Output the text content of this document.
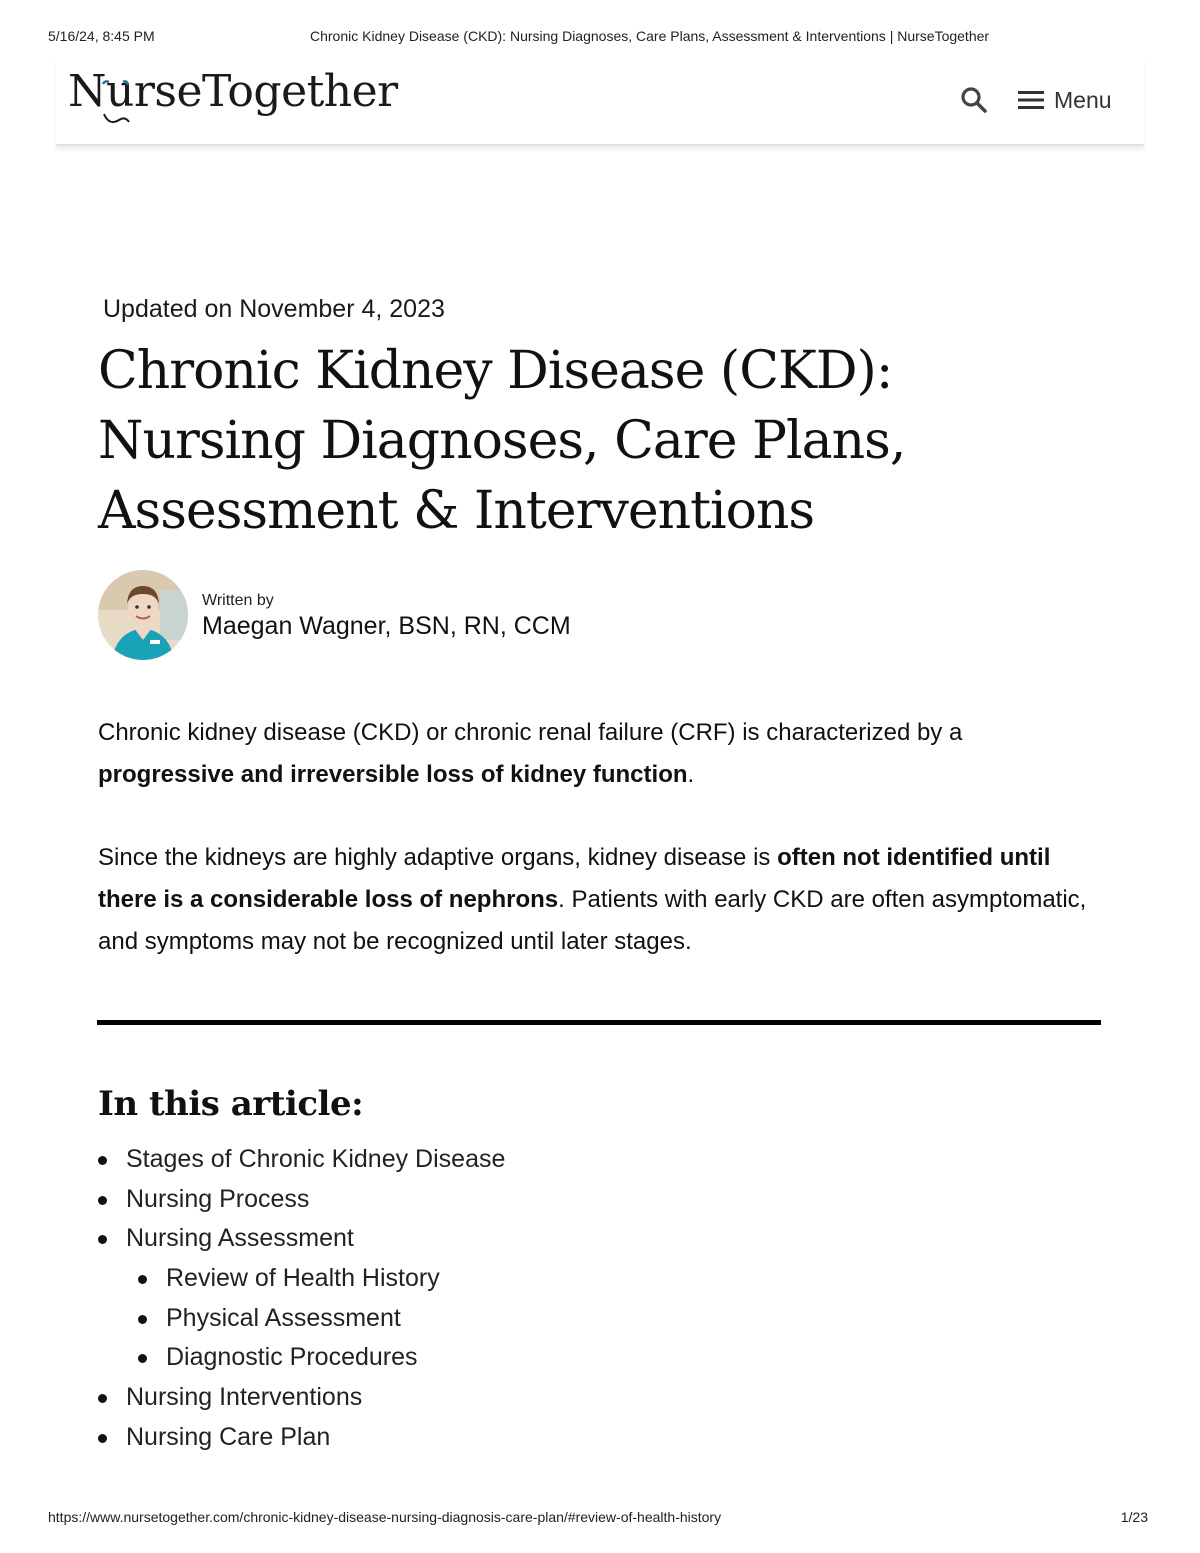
5/16/24, 8:45 PM	Chronic Kidney Disease (CKD): Nursing Diagnoses, Care Plans, Assessment & Interventions | NurseTogether
NurseTogether	Menu
Updated on November 4, 2023
Chronic Kidney Disease (CKD):
Nursing Diagnoses, Care Plans,
Assessment & Interventions
Written by
Maegan Wagner, BSN, RN, CCM

Chronic kidney disease (CKD) or chronic renal failure (CRF) is characterized by a progressive and irreversible loss of kidney function.

Since the kidneys are highly adaptive organs, kidney disease is often not identified until there is a considerable loss of nephrons. Patients with early CKD are often asymptomatic, and symptoms may not be recognized until later stages.

In this article:
Stages of Chronic Kidney Disease
Nursing Process
Nursing Assessment
Review of Health History
Physical Assessment
Diagnostic Procedures
Nursing Interventions
Nursing Care Plan
https://www.nursetogether.com/chronic-kidney-disease-nursing-diagnosis-care-plan/#review-of-health-history	1/23
